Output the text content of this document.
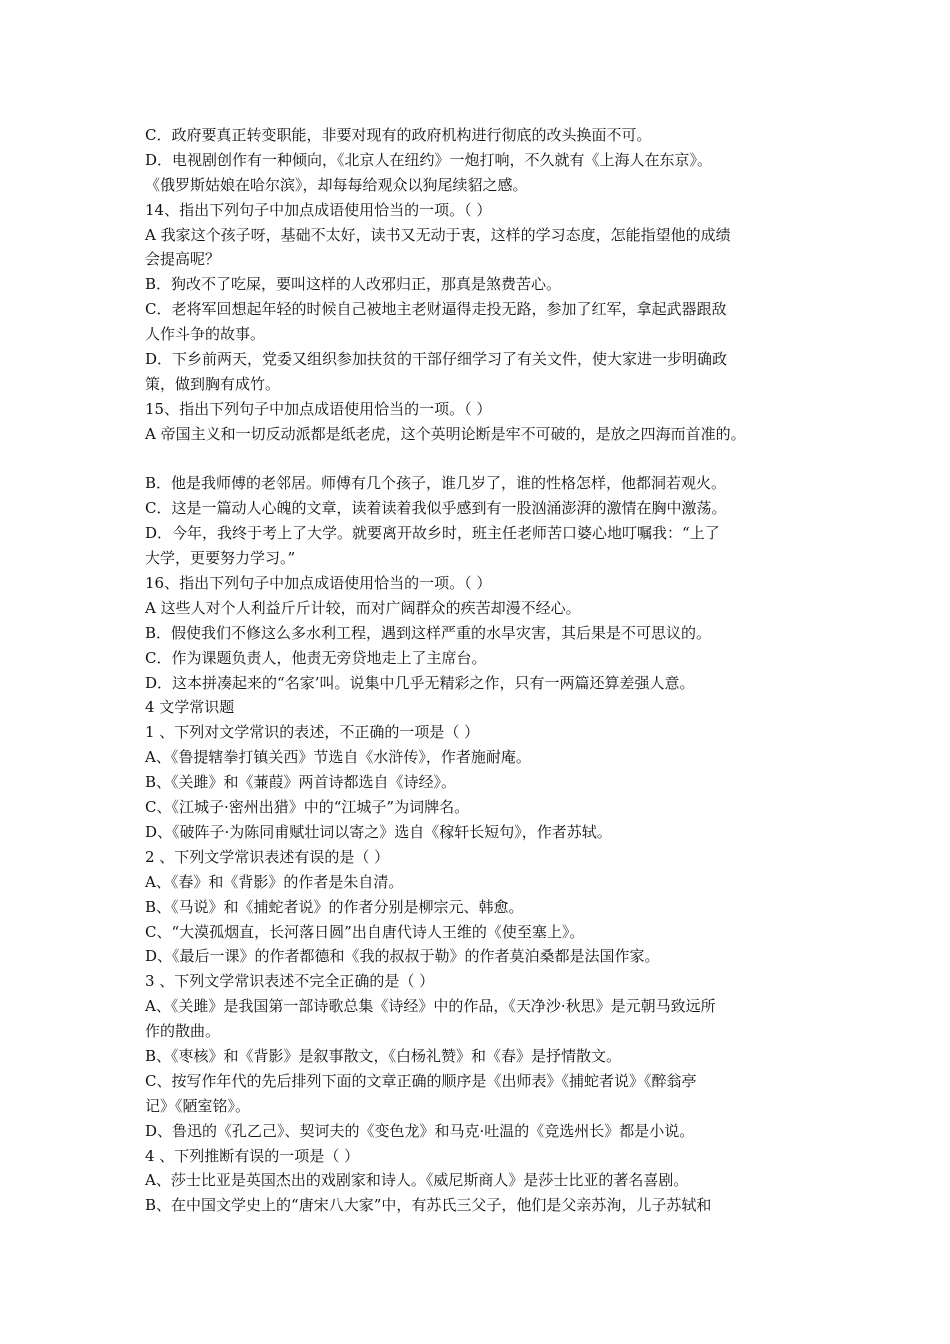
C．政府要真正转变职能，非要对现有的政府机构进行彻底的改头换面不可。
D．电视剧创作有一种倾向，《北京人在纽约》一炮打响，不久就有《上海人在东京》。
《俄罗斯姑娘在哈尔滨》，却每每给观众以狗尾续貂之感。
14、指出下列句子中加点成语使用恰当的一项。（ ）
A 我家这个孩子呀，基础不太好，读书又无动于衷，这样的学习态度，怎能指望他的成绩
会提高呢？
B．狗改不了吃屎，要叫这样的人改邪归正，那真是煞费苦心。
C．老将军回想起年轻的时候自己被地主老财逼得走投无路，参加了红军，拿起武器跟敌
人作斗争的故事。
D．下乡前两天，党委又组织参加扶贫的干部仔细学习了有关文件，使大家进一步明确政
策，做到胸有成竹。
15、指出下列句子中加点成语使用恰当的一项。（ ）
A 帝国主义和一切反动派都是纸老虎，这个英明论断是牢不可破的，是放之四海而首准的。
B．他是我师傅的老邻居。师傅有几个孩子，谁几岁了，谁的性格怎样，他都洞若观火。
C．这是一篇动人心魄的文章，读着读着我似乎感到有一股汹涌澎湃的激情在胸中激荡。
D．今年，我终于考上了大学。就要离开故乡时，班主任老师苦口婆心地叮嘱我：“上了
大学，更要努力学习。”
16、指出下列句子中加点成语使用恰当的一项。（ ）
A 这些人对个人利益斤斤计较，而对广阔群众的疾苦却漫不经心。
B．假使我们不修这么多水利工程，遇到这样严重的水旱灾害，其后果是不可思议的。
C．作为课题负责人，他责无旁贷地走上了主席台。
D．这本拼凑起来的“名家’叫。说集中几乎无精彩之作，只有一两篇还算差强人意。
4 文学常识题
1 、下列对文学常识的表述，不正确的一项是（ ）
A、《鲁提辖拳打镇关西》节选自《水浒传》，作者施耐庵。
B、《关雎》和《蒹葭》两首诗都选自《诗经》。
C、《江城子·密州出猎》中的“江城子”为词牌名。
D、《破阵子·为陈同甫赋壮词以寄之》选自《稼轩长短句》，作者苏轼。
2 、下列文学常识表述有误的是（ ）
A、《春》和《背影》的作者是朱自清。
B、《马说》和《捕蛇者说》的作者分别是柳宗元、韩愈。
C、“大漠孤烟直，长河落日圆”出自唐代诗人王维的《使至塞上》。
D、《最后一课》的作者都德和《我的叔叔于勒》的作者莫泊桑都是法国作家。
3 、下列文学常识表述不完全正确的是（ ）
A、《关雎》是我国第一部诗歌总集《诗经》中的作品，《天净沙·秋思》是元朝马致远所
作的散曲。
B、《枣核》和《背影》是叙事散文，《白杨礼赞》和《春》是抒情散文。
C、按写作年代的先后排列下面的文章正确的顺序是《出师表》《捕蛇者说》《醉翁亭
记》《陋室铭》。
D、鲁迅的《孔乙己》、契诃夫的《变色龙》和马克·吐温的《竞选州长》都是小说。
4 、下列推断有误的一项是（ ）
A、莎士比亚是英国杰出的戏剧家和诗人。《威尼斯商人》是莎士比亚的著名喜剧。
B、在中国文学史上的“唐宋八大家”中，有苏氏三父子，他们是父亲苏洵，儿子苏轼和
